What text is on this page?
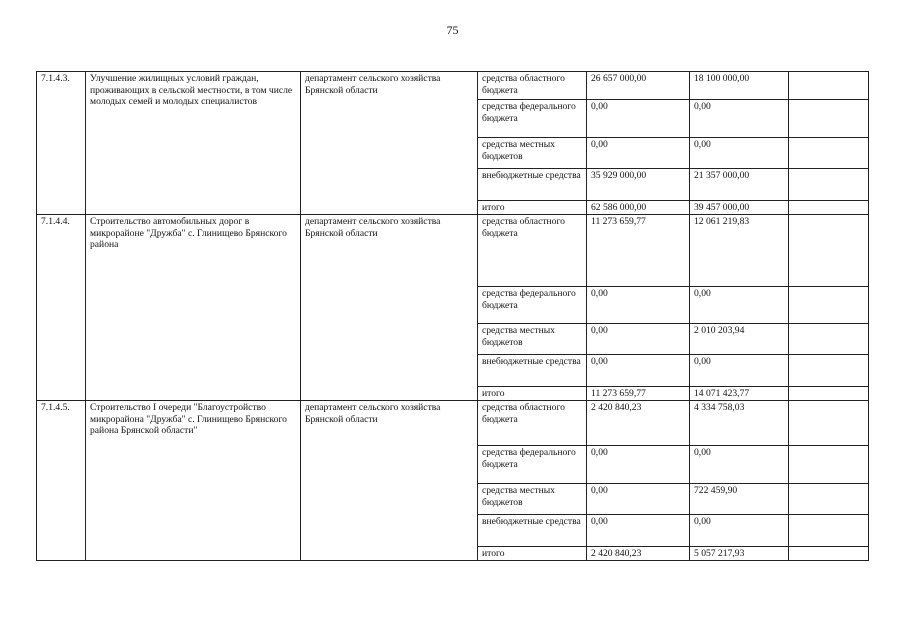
75
7.1.4.3.	Улучшение жилищных условий граждан, проживающих в сельской местности, в том числе молодых семей и молодых специалистов	департамент сельского хозяйства Брянской области	средства областного бюджета	26 657 000,00	18 100 000,00	
			средства федерального бюджета	0,00	0,00	
			средства местных бюджетов	0,00	0,00	
			внебюджетные средства	35 929 000,00	21 357 000,00	
			итого	62 586 000,00	39 457 000,00	
7.1.4.4.	Строительство автомобильных дорог в микрорайоне "Дружба" с. Глинищево Брянского района	департамент сельского хозяйства Брянской области	средства областного бюджета	11 273 659,77	12 061 219,83	
			средства федерального бюджета	0,00	0,00	
			средства местных бюджетов	0,00	2 010 203,94	
			внебюджетные средства	0,00	0,00	
			итого	11 273 659,77	14 071 423,77	
7.1.4.5.	Строительство I очереди "Благоустройство микрорайона "Дружба" с. Глинищево Брянского района Брянской области"	департамент сельского хозяйства Брянской области	средства областного бюджета	2 420 840,23	4 334 758,03	
			средства федерального бюджета	0,00	0,00	
			средства местных бюджетов	0,00	722 459,90	
			внебюджетные средства	0,00	0,00	
			итого	2 420 840,23	5 057 217,93	
